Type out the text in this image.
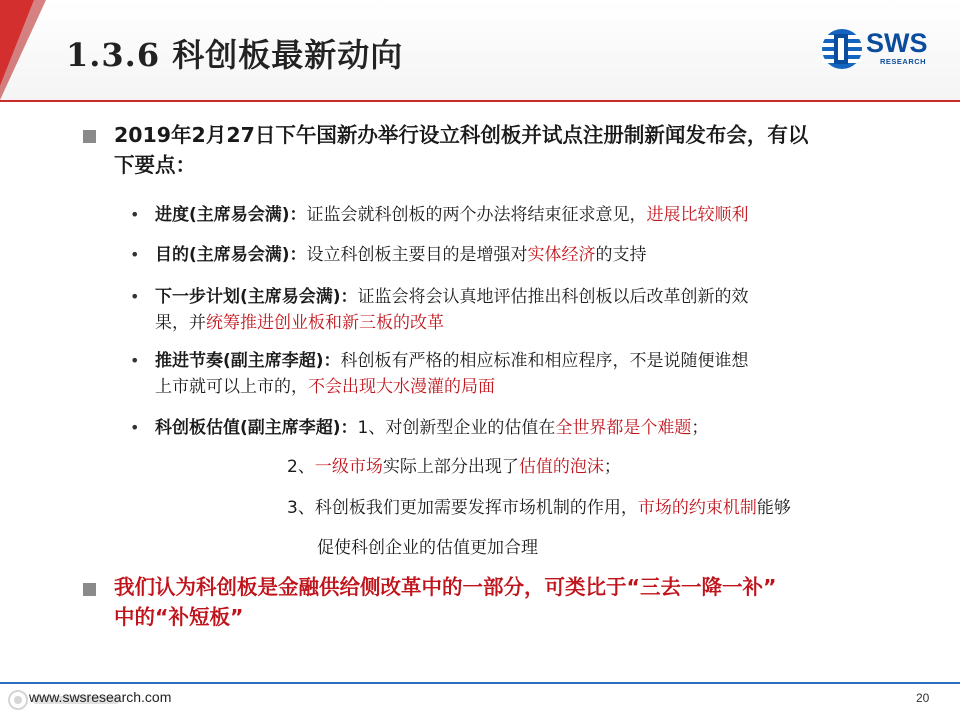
1.3.6 科创板最新动向	SWS
RESEARCH

2019年2月27日下午国新办举行设立科创板并试点注册制新闻发布会，有以

下要点：

• 进度(主席易会满)：证监会就科创板的两个办法将结束征求意见，进展比较顺利

• 目的(主席易会满)：设立科创板主要目的是增强对实体经济的支持

• 下一步计划(主席易会满)：证监会将会认真地评估推出科创板以后改革创新的效

果，并统筹推进创业板和新三板的改革

• 推进节奏(副主席李超)：科创板有严格的相应标准和相应程序，不是说随便谁想

上市就可以上市的，不会出现大水漫灌的局面

• 科创板估值(副主席李超)：1、对创新型企业的估值在全世界都是个难题；

2、一级市场实际上部分出现了估值的泡沫；

3、科创板我们更加需要发挥市场机制的作用，市场的约束机制能够

促使科创企业的估值更加合理

我们认为科创板是金融供给侧改革中的一部分，可类比于“三去一降一补”

中的“补短板”

www.swsresearch.com	20
